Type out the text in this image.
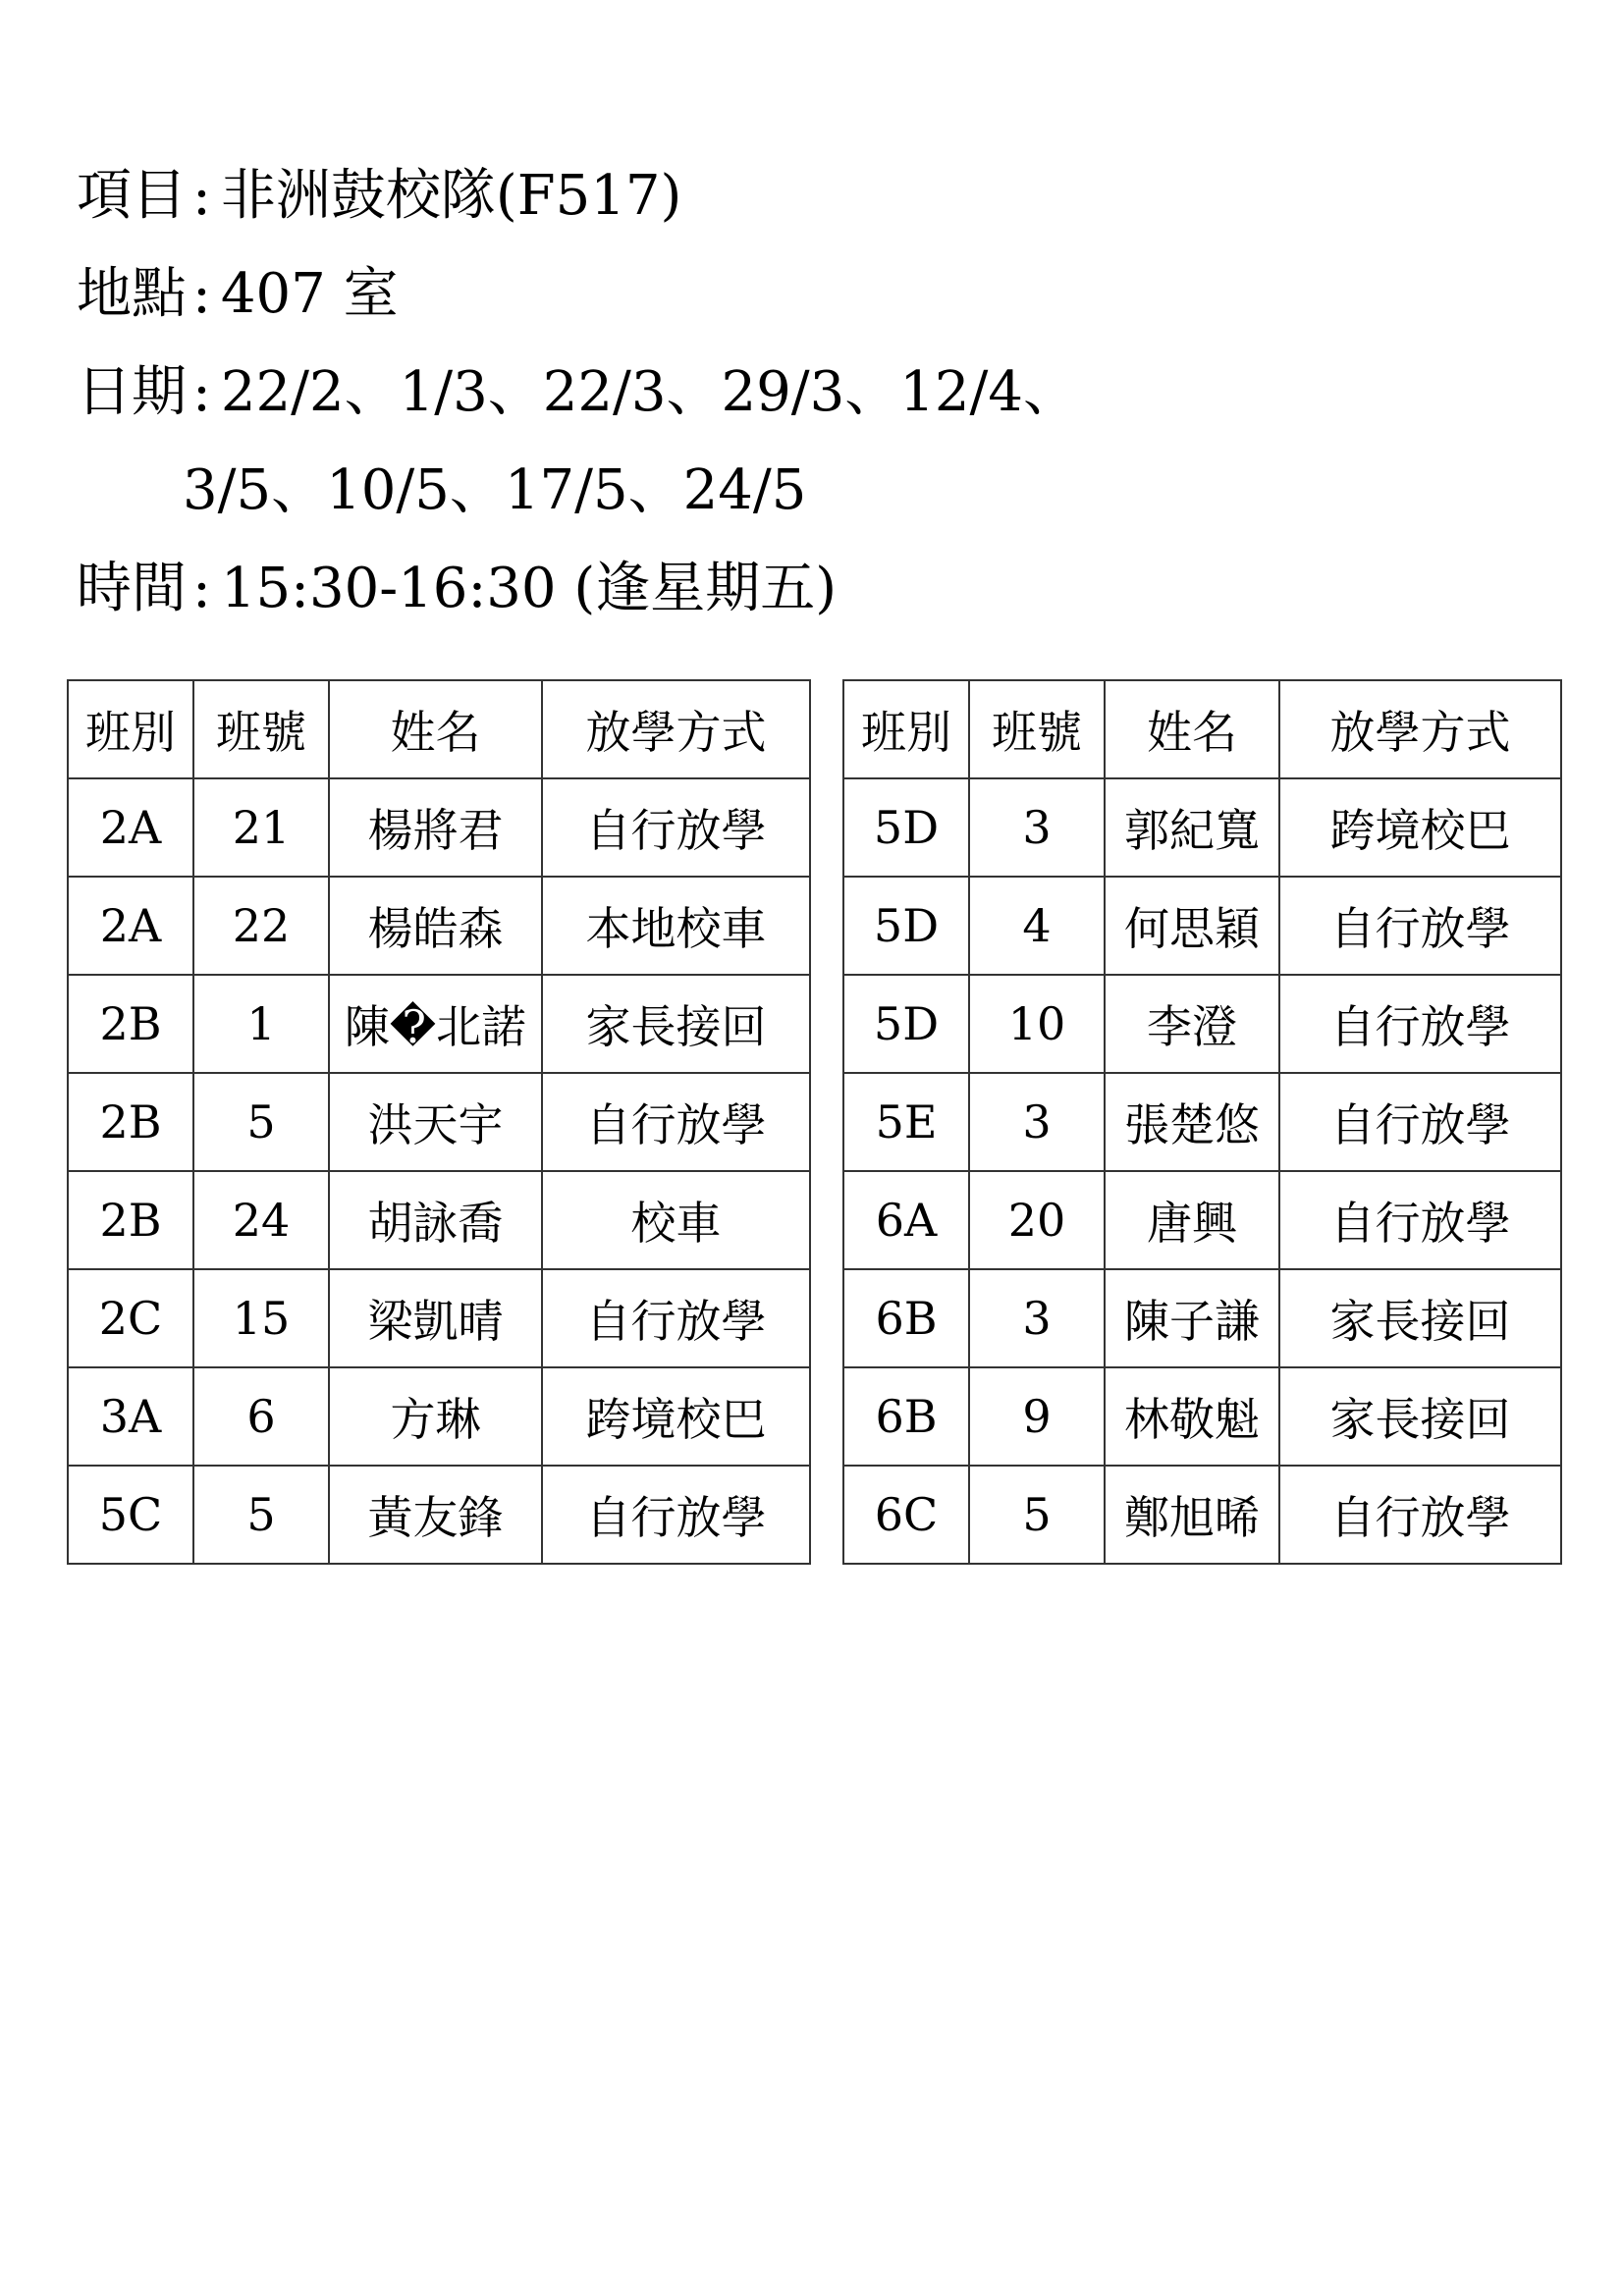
項目 : 非洲鼓校隊(F517)
地點 : 407 室
日期 : 22/2、1/3、22/3、29/3、12/4、
3/5、10/5、17/5、24/5
時間 : 15:30-16:30 (逢星期五)
班別	班號	姓名	放學方式
2A	21	楊將君	自行放學
2A	22	楊皓森	本地校車
2B	1	陳�北諾	家長接回
2B	5	洪天宇	自行放學
2B	24	胡詠喬	校車
2C	15	梁凱晴	自行放學
3A	6	方琳	跨境校巴
5C	5	黃友鋒	自行放學
班別	班號	姓名	放學方式
5D	3	郭紀寬	跨境校巴
5D	4	何思穎	自行放學
5D	10	李澄	自行放學
5E	3	張楚悠	自行放學
6A	20	唐興	自行放學
6B	3	陳子謙	家長接回
6B	9	林敬魁	家長接回
6C	5	鄭旭晞	自行放學
